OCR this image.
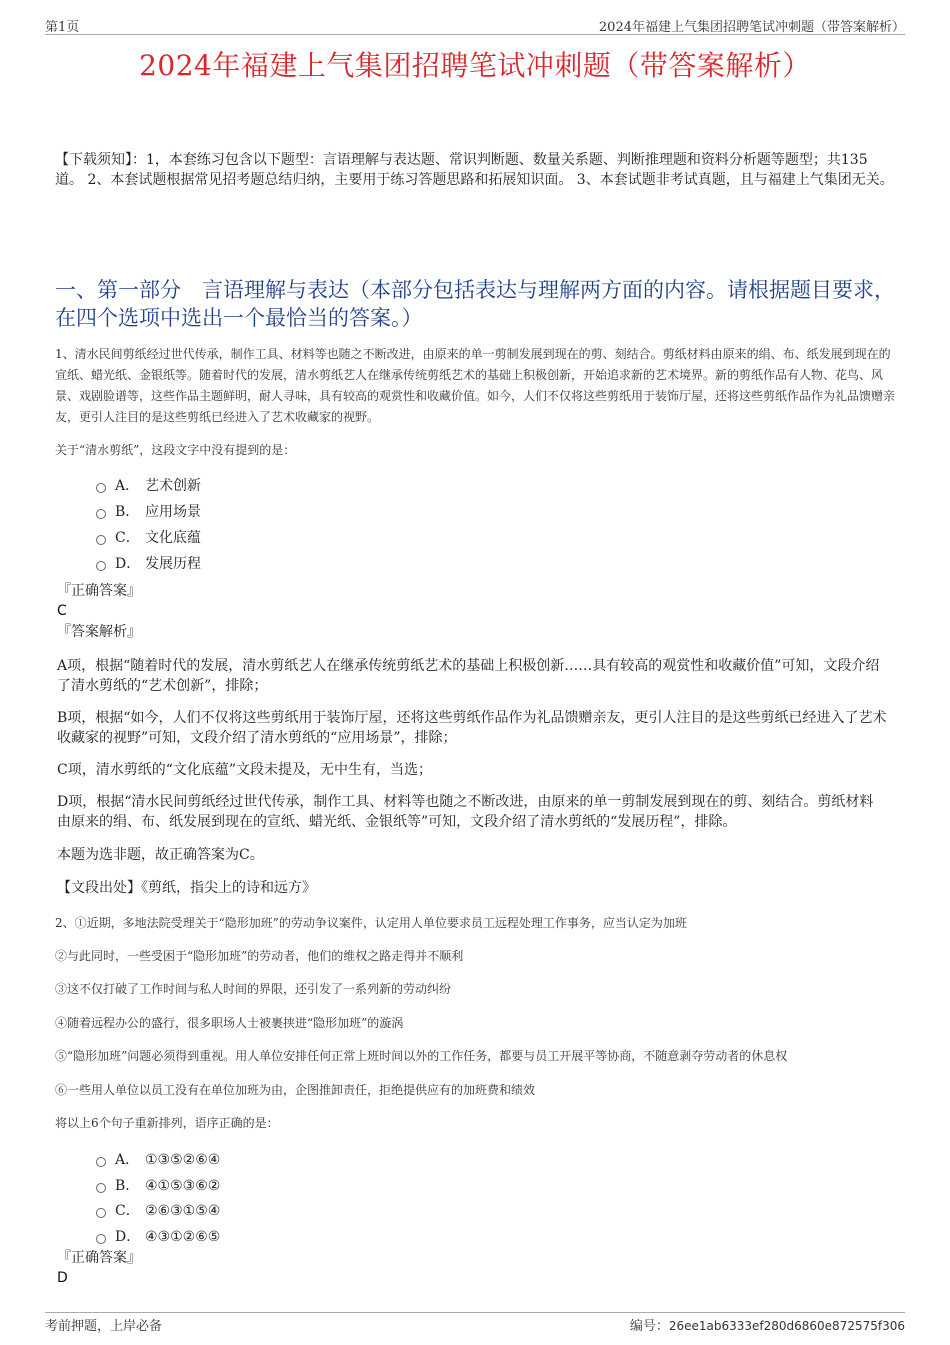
第1页	2024年福建上气集团招聘笔试冲刺题（带答案解析）
2024年福建上气集团招聘笔试冲刺题（带答案解析）
【下载须知】：1，本套练习包含以下题型：言语理解与表达题、常识判断题、数量关系题、判断推理题和资料分析题等题型；共135道。 2、本套试题根据常见招考题总结归纳，主要用于练习答题思路和拓展知识面。 3、本套试题非考试真题，且与福建上气集团无关。
一、第一部分　言语理解与表达（本部分包括表达与理解两方面的内容。请根据题目要求，在四个选项中选出一个最恰当的答案。）
1、清水民间剪纸经过世代传承，制作工具、材料等也随之不断改进，由原来的单一剪制发展到现在的剪、刻结合。剪纸材料由原来的绢、布、纸发展到现在的宣纸、蜡光纸、金银纸等。随着时代的发展，清水剪纸艺人在继承传统剪纸艺术的基础上积极创新，开始追求新的艺术境界。新的剪纸作品有人物、花鸟、风景、戏剧脸谱等，这些作品主题鲜明，耐人寻味，具有较高的观赏性和收藏价值。如今，人们不仅将这些剪纸用于装饰厅屋，还将这些剪纸作品作为礼品馈赠亲友，更引人注目的是这些剪纸已经进入了艺术收藏家的视野。
关于“清水剪纸”，这段文字中没有提到的是：
A． 艺术创新
B． 应用场景
C． 文化底蕴
D． 发展历程
『正确答案』
C
『答案解析』
A项，根据“随着时代的发展，清水剪纸艺人在继承传统剪纸艺术的基础上积极创新……具有较高的观赏性和收藏价值”可知，文段介绍了清水剪纸的“艺术创新”，排除；
B项，根据“如今，人们不仅将这些剪纸用于装饰厅屋，还将这些剪纸作品作为礼品馈赠亲友，更引人注目的是这些剪纸已经进入了艺术收藏家的视野”可知，文段介绍了清水剪纸的“应用场景”，排除；
C项，清水剪纸的“文化底蕴”文段未提及，无中生有，当选；
D项，根据“清水民间剪纸经过世代传承，制作工具、材料等也随之不断改进，由原来的单一剪制发展到现在的剪、刻结合。剪纸材料由原来的绢、布、纸发展到现在的宣纸、蜡光纸、金银纸等”可知，文段介绍了清水剪纸的“发展历程”，排除。
本题为选非题，故正确答案为C。
【文段出处】《剪纸，指尖上的诗和远方》
2、①近期，多地法院受理关于“隐形加班”的劳动争议案件，认定用人单位要求员工远程处理工作事务，应当认定为加班
②与此同时，一些受困于“隐形加班”的劳动者，他们的维权之路走得并不顺利
③这不仅打破了工作时间与私人时间的界限，还引发了一系列新的劳动纠纷
④随着远程办公的盛行，很多职场人士被裹挟进“隐形加班”的漩涡
⑤“隐形加班”问题必须得到重视。用人单位安排任何正常上班时间以外的工作任务，都要与员工开展平等协商，不随意剥夺劳动者的休息权
⑥一些用人单位以员工没有在单位加班为由，企图推卸责任，拒绝提供应有的加班费和绩效
将以上6个句子重新排列，语序正确的是：
A． ①③⑤②⑥④
B． ④①⑤③⑥②
C． ②⑥③①⑤④
D． ④③①②⑥⑤
『正确答案』
D
考前押题，上岸必备	编号：26ee1ab6333ef280d6860e872575f306
